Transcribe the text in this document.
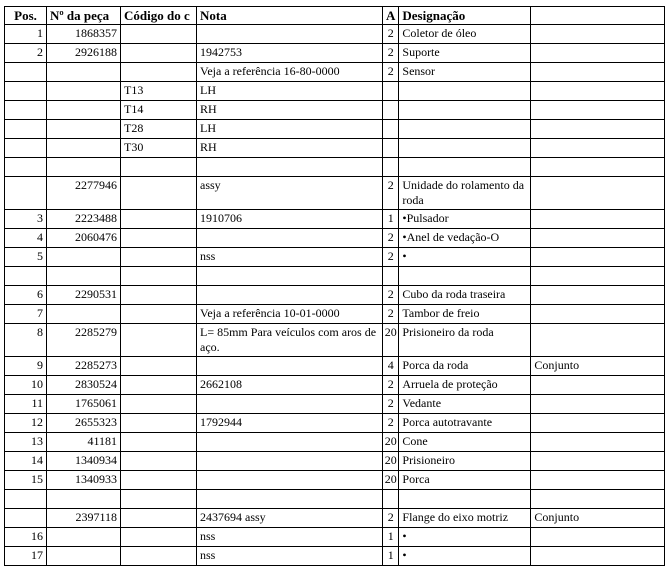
Pos.	Nº da peça	Código do c	Nota	A	Designação	
1	1868357			2	Coletor de óleo	
2	2926188		1942753	2	Suporte	
			Veja a referência 16-80-0000	2	Sensor	
		T13	LH			
		T14	RH			
		T28	LH			
		T30	RH			

	2277946		assy	2	Unidade do rolamento da roda	
3	2223488		1910706	1	•Pulsador	
4	2060476			2	•Anel de vedação-O	
5			nss	2	•	

6	2290531			2	Cubo da roda traseira	
7			Veja a referência 10-01-0000	2	Tambor de freio	
8	2285279		L= 85mm Para veículos com aros de aço.	20	Prisioneiro da roda	
9	2285273			4	Porca da roda	Conjunto
10	2830524		2662108	2	Arruela de proteção	
11	1765061			2	Vedante	
12	2655323		1792944	2	Porca autotravante	
13	41181			20	Cone	
14	1340934			20	Prisioneiro	
15	1340933			20	Porca	

	2397118		2437694 assy	2	Flange do eixo motriz	Conjunto
16			nss	1	•	
17			nss	1	•	
